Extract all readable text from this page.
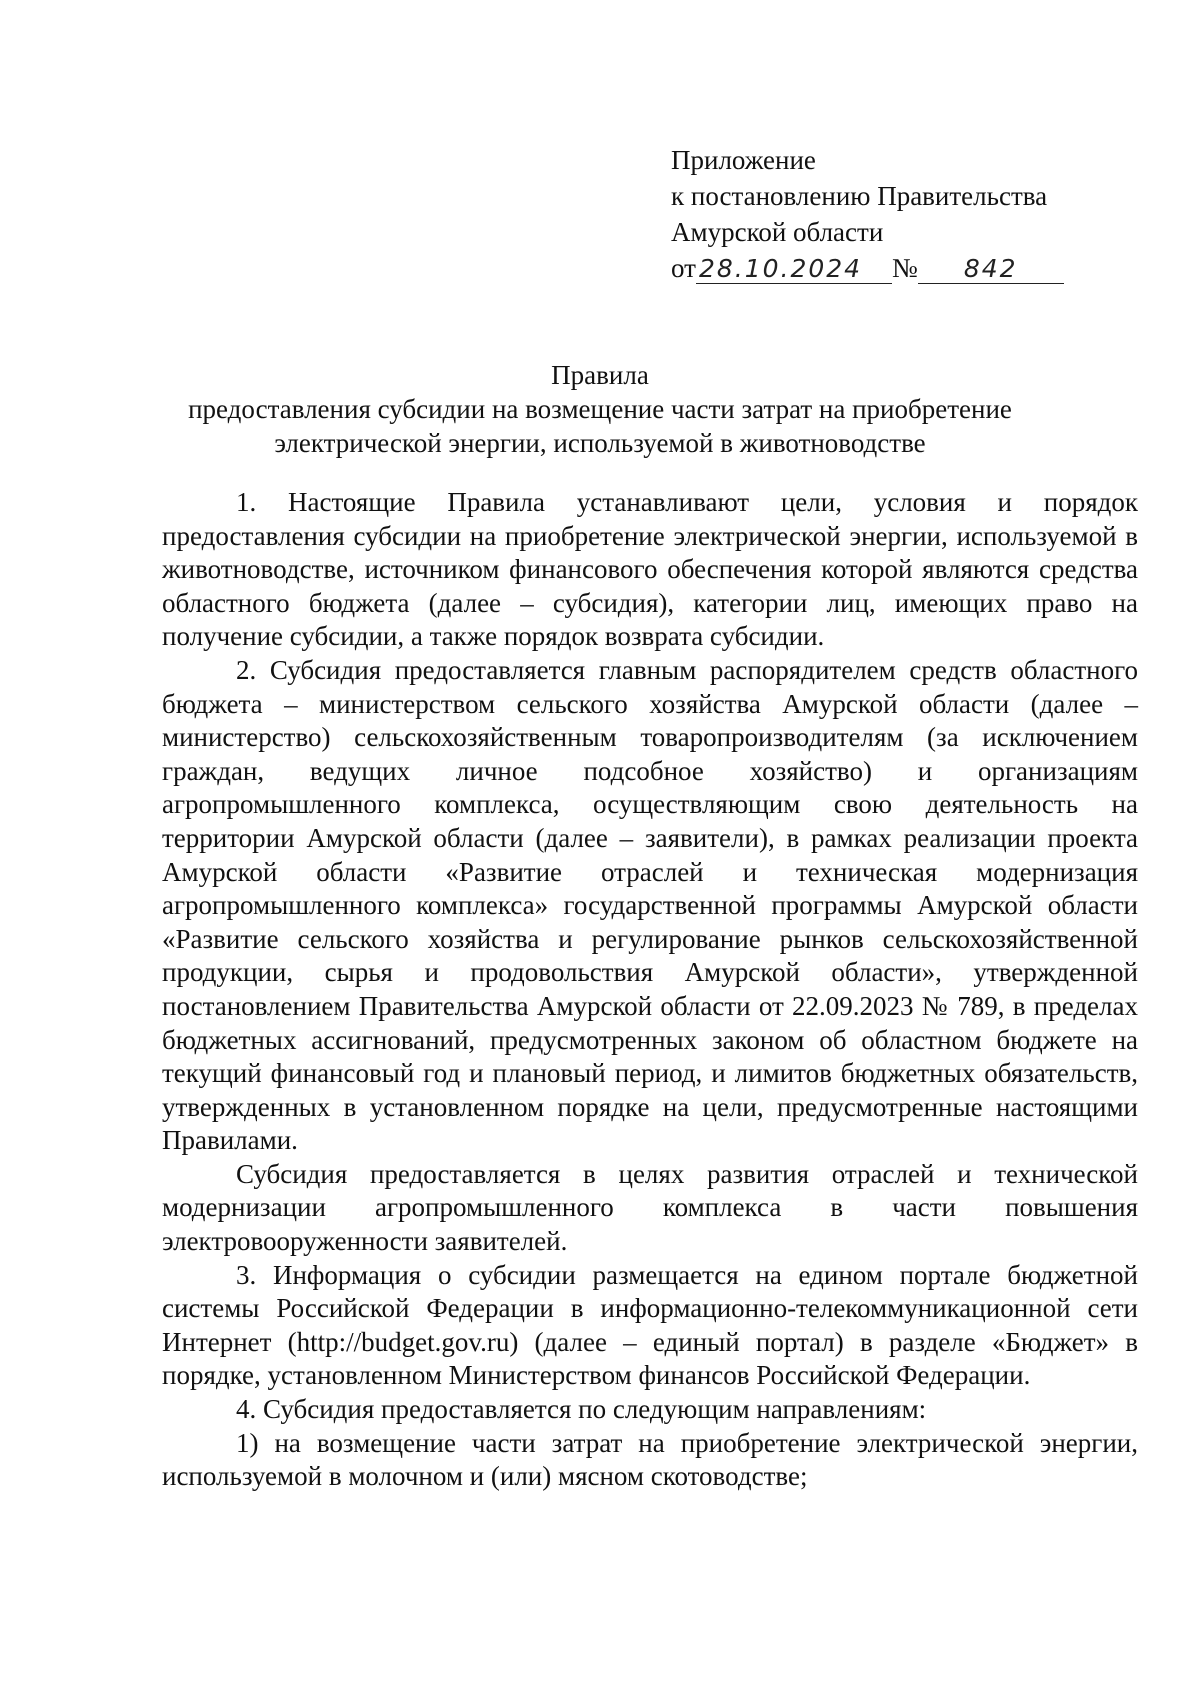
Приложение
к постановлению Правительства
Амурской области
от 28.10.2024 № 842
Правила
предоставления субсидии на возмещение части затрат на приобретение
электрической энергии, используемой в животноводстве

1. Настоящие Правила устанавливают цели, условия и порядок предоставления субсидии на приобретение электрической энергии, используемой в животноводстве, источником финансового обеспечения которой являются средства областного бюджета (далее – субсидия), категории лиц, имеющих право на получение субсидии, а также порядок возврата субсидии.

2. Субсидия предоставляется главным распорядителем средств областного бюджета – министерством сельского хозяйства Амурской области (далее – министерство) сельскохозяйственным товаропроизводителям (за исключением граждан, ведущих личное подсобное хозяйство) и организациям агропромышленного комплекса, осуществляющим свою деятельность на территории Амурской области (далее – заявители), в рамках реализации проекта Амурской области «Развитие отраслей и техническая модернизация агропромышленного комплекса» государственной программы Амурской области «Развитие сельского хозяйства и регулирование рынков сельскохозяйственной продукции, сырья и продовольствия Амурской области», утвержденной постановлением Правительства Амурской области от 22.09.2023 № 789, в пределах бюджетных ассигнований, предусмотренных законом об областном бюджете на текущий финансовый год и плановый период, и лимитов бюджетных обязательств, утвержденных в установленном порядке на цели, предусмотренные настоящими Правилами.

Субсидия предоставляется в целях развития отраслей и технической модернизации агропромышленного комплекса в части повышения электровооруженности заявителей.

3. Информация о субсидии размещается на едином портале бюджетной системы Российской Федерации в информационно-телекоммуникационной сети Интернет (http://budget.gov.ru) (далее – единый портал) в разделе «Бюджет» в порядке, установленном Министерством финансов Российской Федерации.

4. Субсидия предоставляется по следующим направлениям:

1) на возмещение части затрат на приобретение электрической энергии, используемой в молочном и (или) мясном скотоводстве;
